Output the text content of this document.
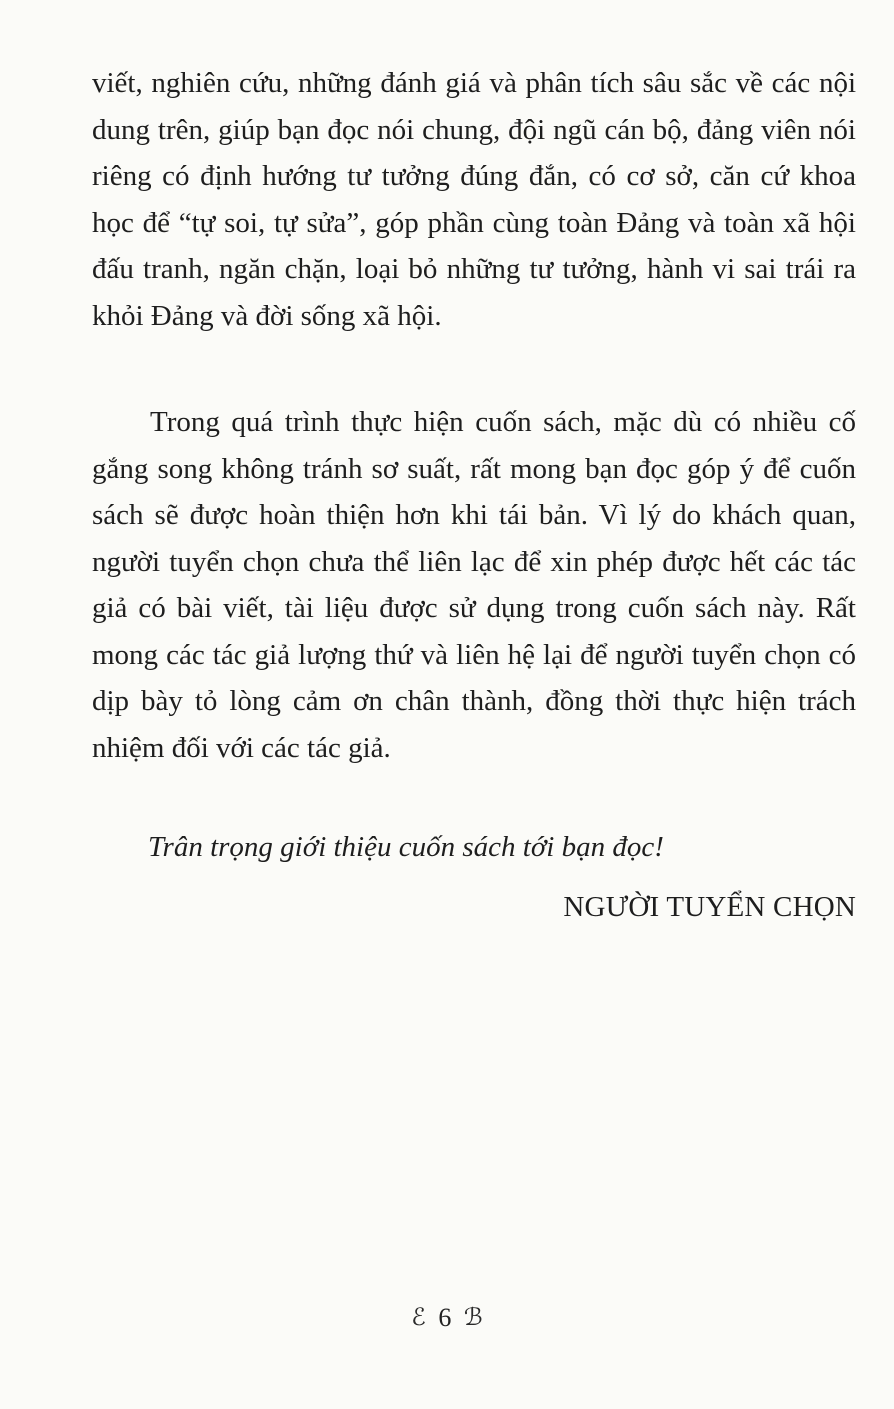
viết, nghiên cứu, những đánh giá và phân tích sâu sắc về các nội dung trên, giúp bạn đọc nói chung, đội ngũ cán bộ, đảng viên nói riêng có định hướng tư tưởng đúng đắn, có cơ sở, căn cứ khoa học để “tự soi, tự sửa”, góp phần cùng toàn Đảng và toàn xã hội đấu tranh, ngăn chặn, loại bỏ những tư tưởng, hành vi sai trái ra khỏi Đảng và đời sống xã hội.

Trong quá trình thực hiện cuốn sách, mặc dù có nhiều cố gắng song không tránh sơ suất, rất mong bạn đọc góp ý để cuốn sách sẽ được hoàn thiện hơn khi tái bản. Vì lý do khách quan, người tuyển chọn chưa thể liên lạc để xin phép được hết các tác giả có bài viết, tài liệu được sử dụng trong cuốn sách này. Rất mong các tác giả lượng thứ và liên hệ lại để người tuyển chọn có dịp bày tỏ lòng cảm ơn chân thành, đồng thời thực hiện trách nhiệm đối với các tác giả.

Trân trọng giới thiệu cuốn sách tới bạn đọc!

NGƯỜI TUYỂN CHỌN

ℰ 6 ℬ
